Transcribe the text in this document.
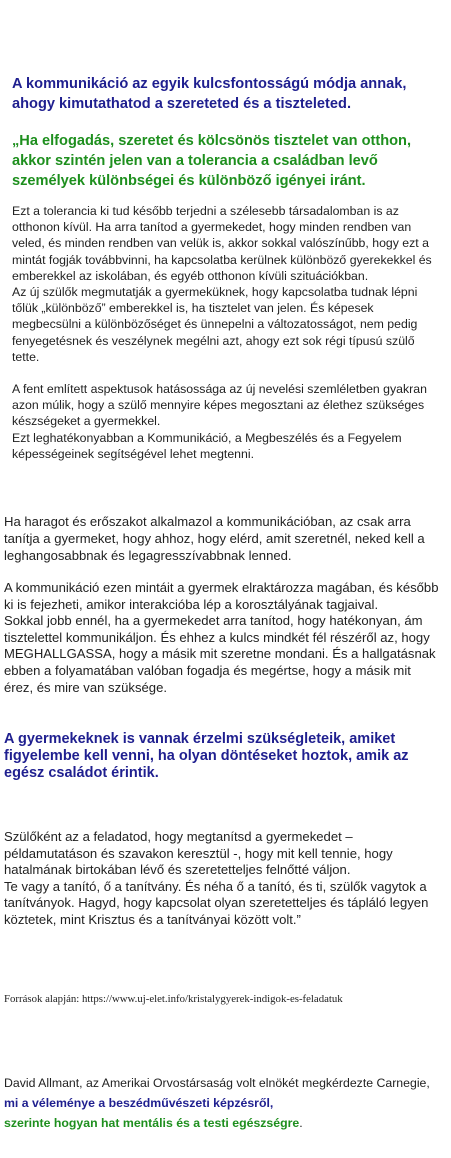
A kommunikáció az egyik kulcsfontosságú módja annak, ahogy kimutathatod a szereteted és a tiszteleted.

„Ha elfogadás, szeretet és kölcsönös tisztelet van otthon, akkor szintén jelen van a tolerancia a családban levő személyek különbségei és különböző igényei iránt.

Ezt a tolerancia ki tud később terjedni a szélesebb társadalomban is az otthonon kívül. Ha arra tanítod a gyermekedet, hogy minden rendben van veled, és minden rendben van velük is, akkor sokkal valószínűbb, hogy ezt a mintát fogják továbbvinni, ha kapcsolatba kerülnek különböző gyerekekkel és emberekkel az iskolában, és egyéb otthonon kívüli szituációkban.

Az új szülők megmutatják a gyermeküknek, hogy kapcsolatba tudnak lépni tőlük „különböző” emberekkel is, ha tisztelet van jelen. És képesek megbecsülni a különbözőséget és ünnepelni a változatosságot, nem pedig fenyegetésnek és veszélynek megélni azt, ahogy ezt sok régi típusú szülő tette.

A fent említett aspektusok hatásossága az új nevelési szemléletben gyakran azon múlik, hogy a szülő mennyire képes megosztani az élethez szükséges készségeket a gyermekkel.

Ezt leghatékonyabban a Kommunikáció, a Megbeszélés és a Fegyelem képességeinek segítségével lehet megtenni.

Ha haragot és erőszakot alkalmazol a kommunikációban, az csak arra tanítja a gyermeket, hogy ahhoz, hogy elérd, amit szeretnél, neked kell a leghangosabbnak és legagresszívabbnak lenned.

A kommunikáció ezen mintáit a gyermek elraktározza magában, és később ki is fejezheti, amikor interakcióba lép a korosztályának tagjaival.

Sokkal jobb ennél, ha a gyermekedet arra tanítod, hogy hatékonyan, ám tisztelettel kommunikáljon. És ehhez a kulcs mindkét fél részéről az, hogy MEGHALLGASSA, hogy a másik mit szeretne mondani. És a hallgatásnak ebben a folyamatában valóban fogadja és megértse, hogy a másik mit érez, és mire van szüksége.

A gyermekeknek is vannak érzelmi szükségleteik, amiket figyelembe kell venni, ha olyan döntéseket hoztok, amik az egész családot érintik.

Szülőként az a feladatod, hogy megtanítsd a gyermekedet – példamutatáson és szavakon keresztül -, hogy mit kell tennie, hogy hatalmának birtokában lévő és szeretetteljes felnőtté váljon.

Te vagy a tanító, ő a tanítvány. És néha ő a tanító, és ti, szülők vagytok a tanítványok. Hagyd, hogy kapcsolat olyan szeretetteljes és tápláló legyen köztetek, mint Krisztus és a tanítványai között volt.”

Források alapján: https://www.uj-elet.info/kristalygyerek-indigok-es-feladatuk

David Allmant, az Amerikai Orvostársaság volt elnökét megkérdezte Carnegie, mi a véleménye a beszédművészeti képzésről,
szerinte hogyan hat mentális és a testi egészségre.
